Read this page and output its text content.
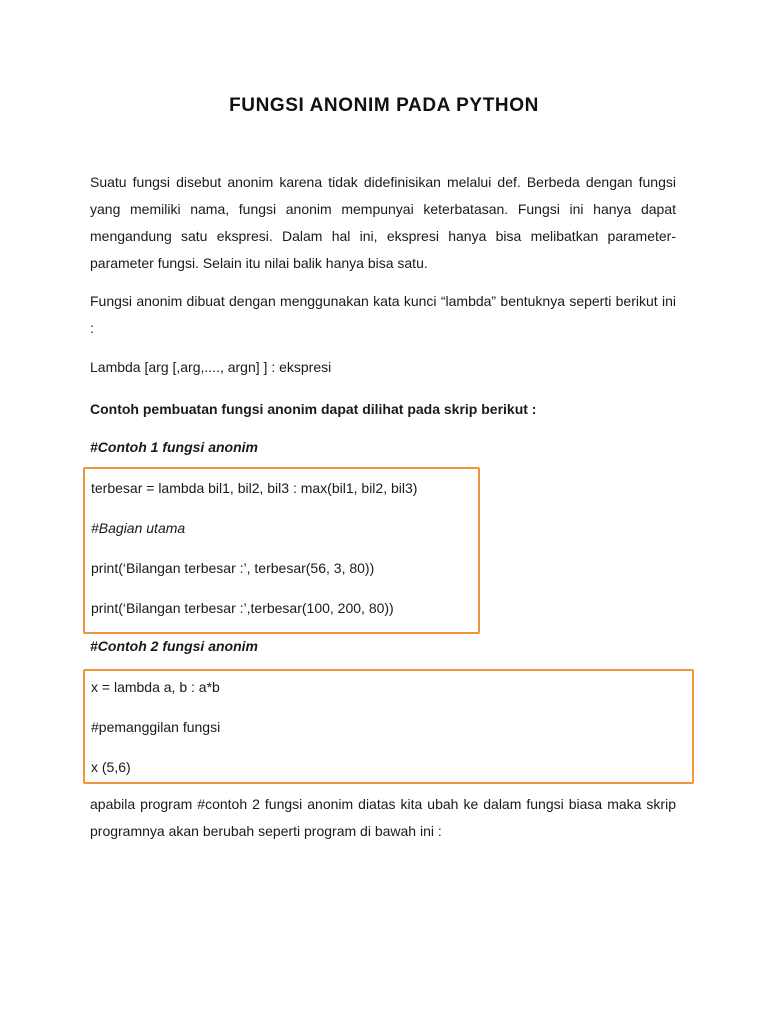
FUNGSI ANONIM PADA PYTHON
Suatu fungsi disebut anonim karena tidak didefinisikan melalui def. Berbeda dengan fungsi yang memiliki nama, fungsi anonim mempunyai keterbatasan. Fungsi ini hanya dapat mengandung satu ekspresi. Dalam hal ini, ekspresi hanya bisa melibatkan parameter-parameter fungsi. Selain itu nilai balik hanya bisa satu.
Fungsi anonim dibuat dengan menggunakan kata kunci “lambda” bentuknya seperti berikut ini :
Lambda [arg [,arg,...., argn] ] : ekspresi
Contoh pembuatan fungsi anonim dapat dilihat pada skrip berikut :
#Contoh 1 fungsi anonim
terbesar = lambda bil1, bil2, bil3 : max(bil1, bil2, bil3)
#Bagian utama
print(‘Bilangan terbesar :’, terbesar(56, 3, 80))
print(‘Bilangan terbesar :’,terbesar(100, 200, 80))
#Contoh 2 fungsi anonim
x = lambda a, b : a*b
#pemanggilan fungsi
x (5,6)
apabila program #contoh 2 fungsi anonim diatas kita ubah ke dalam fungsi biasa maka skrip programnya akan berubah seperti program di bawah ini :
